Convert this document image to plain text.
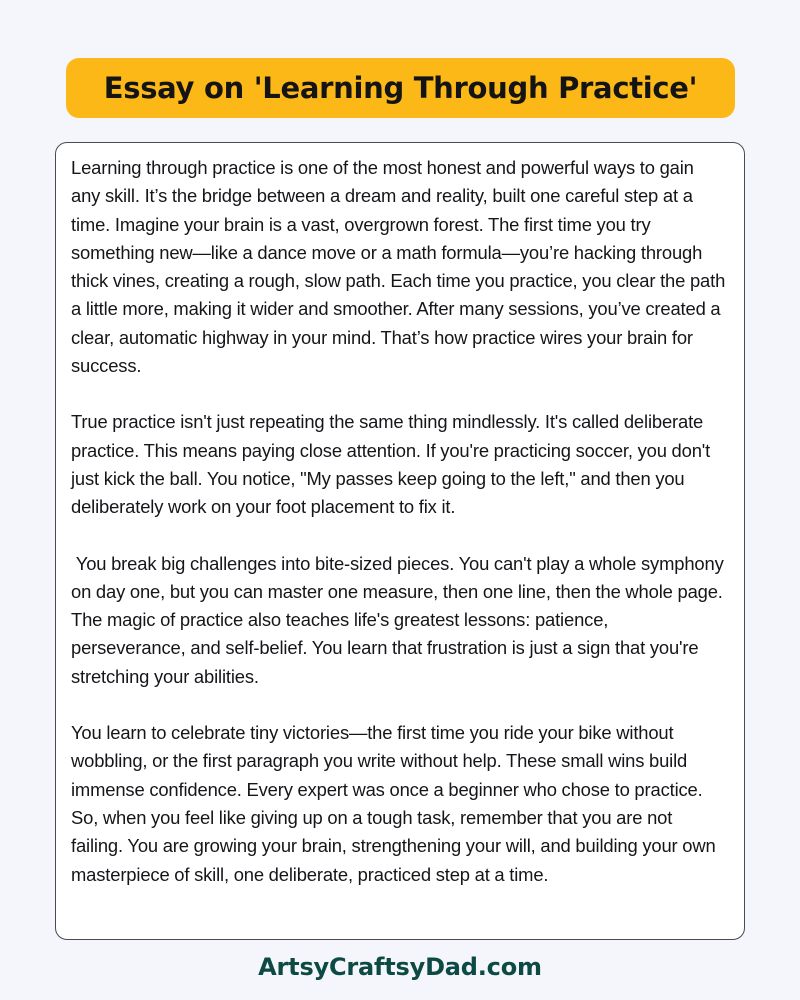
Essay on 'Learning Through Practice'

Learning through practice is one of the most honest and powerful ways to gain any skill. It’s the bridge between a dream and reality, built one careful step at a time. Imagine your brain is a vast, overgrown forest. The first time you try something new—like a dance move or a math formula—you’re hacking through thick vines, creating a rough, slow path. Each time you practice, you clear the path a little more, making it wider and smoother. After many sessions, you’ve created a clear, automatic highway in your mind. That’s how practice wires your brain for success.

True practice isn't just repeating the same thing mindlessly. It's called deliberate practice. This means paying close attention. If you're practicing soccer, you don't just kick the ball. You notice, "My passes keep going to the left," and then you deliberately work on your foot placement to fix it.

You break big challenges into bite-sized pieces. You can't play a whole symphony on day one, but you can master one measure, then one line, then the whole page. The magic of practice also teaches life's greatest lessons: patience, perseverance, and self-belief. You learn that frustration is just a sign that you're stretching your abilities.

You learn to celebrate tiny victories—the first time you ride your bike without wobbling, or the first paragraph you write without help. These small wins build immense confidence. Every expert was once a beginner who chose to practice. So, when you feel like giving up on a tough task, remember that you are not failing. You are growing your brain, strengthening your will, and building your own masterpiece of skill, one deliberate, practiced step at a time.

ArtsyCraftsyDad.com
